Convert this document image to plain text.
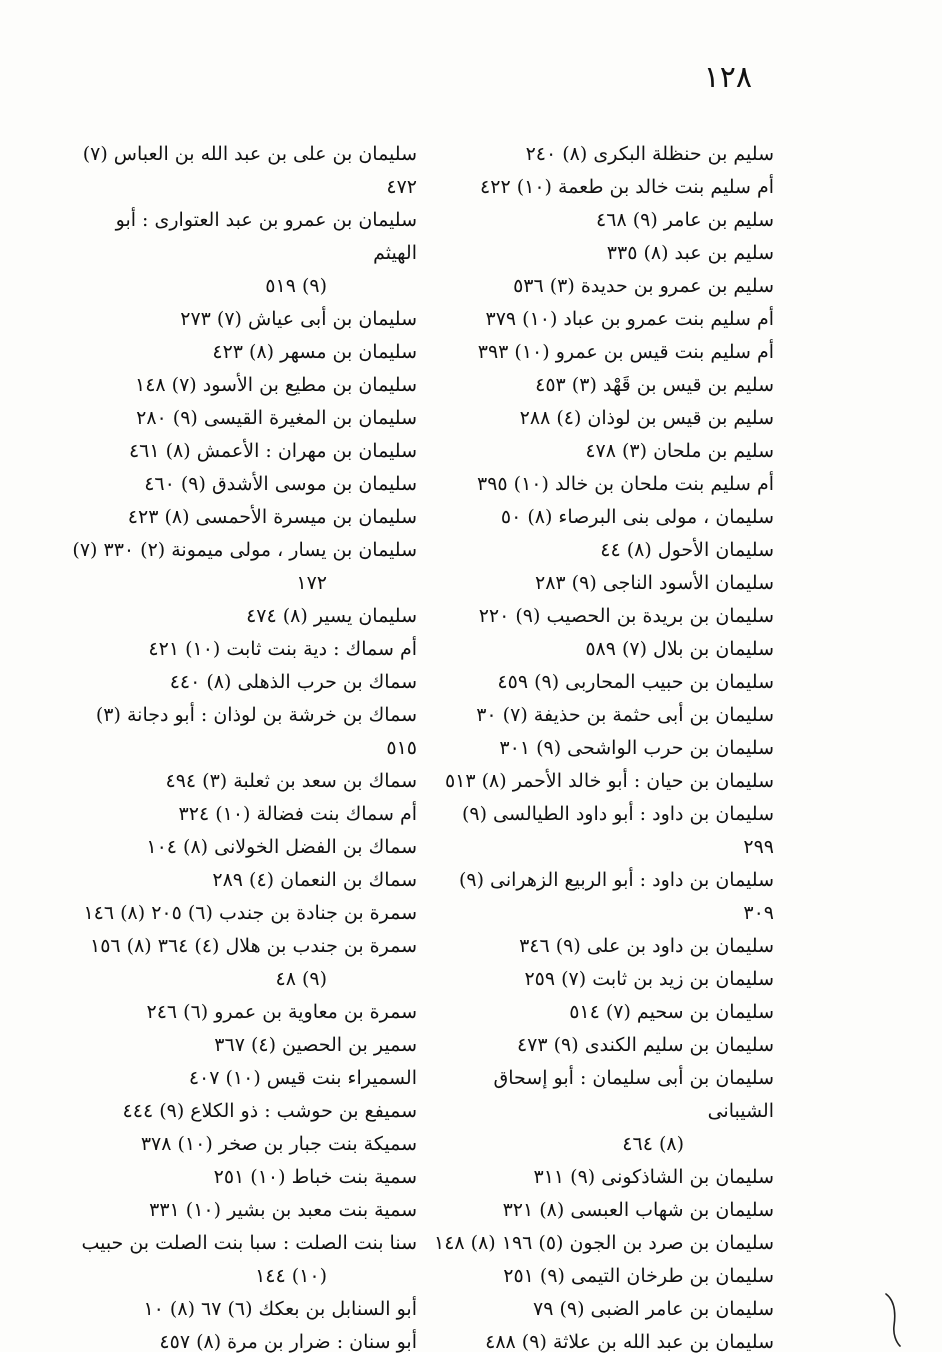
١٢٨

سليم بن حنظلة البكرى (٨) ٢٤٠

أم سليم بنت خالد بن طعمة (١٠) ٤٢٢

سليم بن عامر (٩) ٤٦٨

سليم بن عبد (٨) ٣٣٥

سليم بن عمرو بن حديدة (٣) ٥٣٦

أم سليم بنت عمرو بن عباد (١٠) ٣٧٩

أم سليم بنت قيس بن عمرو (١٠) ٣٩٣

سليم بن قيس بن قَهْد (٣) ٤٥٣

سليم بن قيس بن لوذان (٤) ٢٨٨

سليم بن ملحان (٣) ٤٧٨

أم سليم بنت ملحان بن خالد (١٠) ٣٩٥

سليمان ، مولى بنى البرصاء (٨) ٥٠

سليمان الأحول (٨) ٤٤

سليمان الأسود الناجى (٩) ٢٨٣

سليمان بن بريدة بن الحصيب (٩) ٢٢٠

سليمان بن بلال (٧) ٥٨٩

سليمان بن حبيب المحاربى (٩) ٤٥٩

سليمان بن أبى حثمة بن حذيفة (٧) ٣٠

سليمان بن حرب الواشحى (٩) ٣٠١

سليمان بن حيان : أبو خالد الأحمر (٨) ٥١٣

سليمان بن داود : أبو داود الطيالسى (٩) ٢٩٩

سليمان بن داود : أبو الربيع الزهرانى (٩) ٣٠٩

سليمان بن داود بن على (٩) ٣٤٦

سليمان بن زيد بن ثابت (٧) ٢٥٩

سليمان بن سحيم (٧) ٥١٤

سليمان بن سليم الكندى (٩) ٤٧٣

سليمان بن أبى سليمان : أبو إسحاق الشيبانى
(٨) ٤٦٤

سليمان بن الشاذكونى (٩) ٣١١

سليمان بن شهاب العبسى (٨) ٣٢١

سليمان بن صرد بن الجون (٥) ١٩٦ (٨) ١٤٨

سليمان بن طرخان التيمى (٩) ٢٥١

سليمان بن عامر الضبى (٩) ٧٩

سليمان بن عبد الله بن علاثة (٩) ٤٨٨

سليمان بن على بن عبد الله بن العباس (٧) ٤٧٢

سليمان بن عمرو بن عبد العتوارى : أبو الهيثم
(٩) ٥١٩

سليمان بن أبى عياش (٧) ٢٧٣

سليمان بن مسهر (٨) ٤٢٣

سليمان بن مطيع بن الأسود (٧) ١٤٨

سليمان بن المغيرة القيسى (٩) ٢٨٠

سليمان بن مهران : الأعمش (٨) ٤٦١

سليمان بن موسى الأشدق (٩) ٤٦٠

سليمان بن ميسرة الأحمسى (٨) ٤٢٣

سليمان بن يسار ، مولى ميمونة (٢) ٣٣٠ (٧)
١٧٢

سليمان يسير (٨) ٤٧٤

أم سماك : دية بنت ثابت (١٠) ٤٢١

سماك بن حرب الذهلى (٨) ٤٤٠

سماك بن خرشة بن لوذان : أبو دجانة (٣) ٥١٥

سماك بن سعد بن ثعلبة (٣) ٤٩٤

أم سماك بنت فضالة (١٠) ٣٢٤

سماك بن الفضل الخولانى (٨) ١٠٤

سماك بن النعمان (٤) ٢٨٩

سمرة بن جنادة بن جندب (٦) ٢٠٥ (٨) ١٤٦

سمرة بن جندب بن هلال (٤) ٣٦٤ (٨) ١٥٦
(٩) ٤٨

سمرة بن معاوية بن عمرو (٦) ٢٤٦

سمير بن الحصين (٤) ٣٦٧

السميراء بنت قيس (١٠) ٤٠٧

سميفع بن حوشب : ذو الكلاع (٩) ٤٤٤

سميكة بنت جبار بن صخر (١٠) ٣٧٨

سمية بنت خباط (١٠) ٢٥١

سمية بنت معبد بن بشير (١٠) ٣٣١

سنا بنت الصلت : سبا بنت الصلت بن حبيب
(١٠) ١٤٤

أبو السنابل بن بعكك (٦) ٦٧ (٨) ١٠

أبو سنان : ضرار بن مرة (٨) ٤٥٧
